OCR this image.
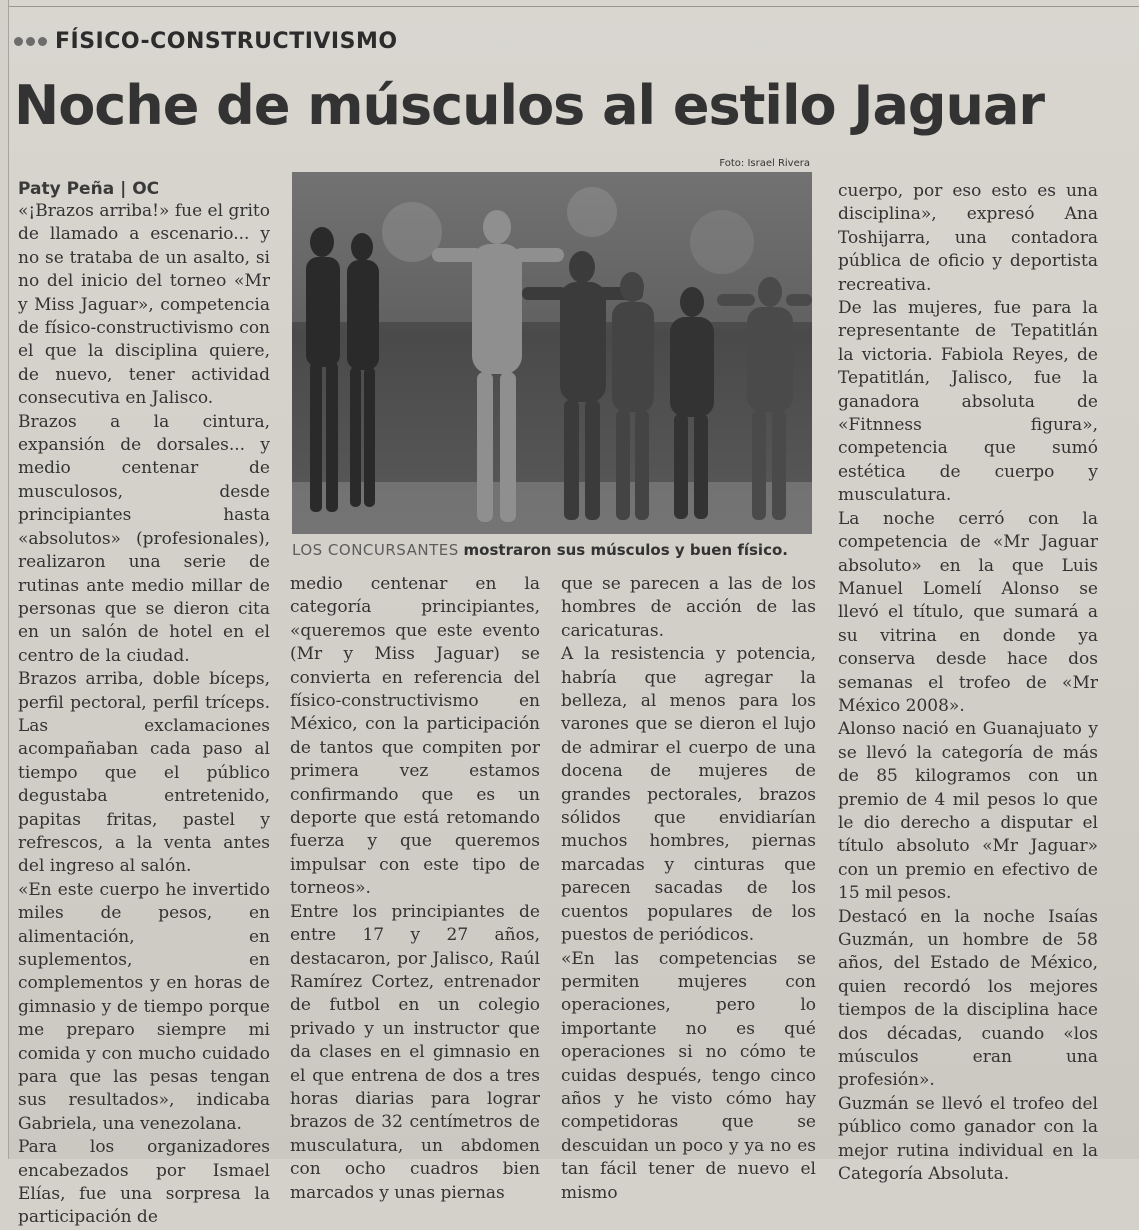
FÍSICO-CONSTRUCTIVISMO
Noche de músculos al estilo Jaguar
Foto: Israel Rivera
LOS CONCURSANTES mostraron sus músculos y buen físico.
Paty Peña | OC

«¡Brazos arriba!» fue el grito de llamado a escenario... y no se trataba de un asalto, si no del inicio del torneo «Mr y Miss Jaguar», competencia de físico-constructivismo con el que la disciplina quiere, de nuevo, tener actividad consecutiva en Jalisco.

Brazos a la cintura, expansión de dorsales... y medio centenar de musculosos, desde principiantes hasta «absolutos» (profesionales), realizaron una serie de rutinas ante medio millar de personas que se dieron cita en un salón de hotel en el centro de la ciudad.

Brazos arriba, doble bíceps, perfil pectoral, perfil tríceps. Las exclamaciones acompañaban cada paso al tiempo que el público degustaba entretenido, papitas fritas, pastel y refrescos, a la venta antes del ingreso al salón.

«En este cuerpo he invertido miles de pesos, en alimentación, en suplementos, en complementos y en horas de gimnasio y de tiempo porque me preparo siempre mi comida y con mucho cuidado para que las pesas tengan sus resultados», indicaba Gabriela, una venezolana.

Para los organizadores encabezados por Ismael Elías, fue una sorpresa la participación de

medio centenar en la categoría principiantes, «queremos que este evento (Mr y Miss Jaguar) se convierta en referencia del físico-constructivismo en México, con la participación de tantos que compiten por primera vez estamos confirmando que es un deporte que está retomando fuerza y que queremos impulsar con este tipo de torneos».

Entre los principiantes de entre 17 y 27 años, destacaron, por Jalisco, Raúl Ramírez Cortez, entrenador de futbol en un colegio privado y un instructor que da clases en el gimnasio en el que entrena de dos a tres horas diarias para lograr brazos de 32 centímetros de musculatura, un abdomen con ocho cuadros bien marcados y unas piernas

que se parecen a las de los hombres de acción de las caricaturas.

A la resistencia y potencia, habría que agregar la belleza, al menos para los varones que se dieron el lujo de admirar el cuerpo de una docena de mujeres de grandes pectorales, brazos sólidos que envidiarían muchos hombres, piernas marcadas y cinturas que parecen sacadas de los cuentos populares de los puestos de periódicos.

«En las competencias se permiten mujeres con operaciones, pero lo importante no es qué operaciones si no cómo te cuidas después, tengo cinco años y he visto cómo hay competidoras que se descuidan un poco y ya no es tan fácil tener de nuevo el mismo

cuerpo, por eso esto es una disciplina», expresó Ana Toshijarra, una contadora pública de oficio y deportista recreativa.

De las mujeres, fue para la representante de Tepatitlán la victoria. Fabiola Reyes, de Tepatitlán, Jalisco, fue la ganadora absoluta de «Fitnness figura», competencia que sumó estética de cuerpo y musculatura.

La noche cerró con la competencia de «Mr Jaguar absoluto» en la que Luis Manuel Lomelí Alonso se llevó el título, que sumará a su vitrina en donde ya conserva desde hace dos semanas el trofeo de «Mr México 2008».

Alonso nació en Guanajuato y se llevó la categoría de más de 85 kilogramos con un premio de 4 mil pesos lo que le dio derecho a disputar el título absoluto «Mr Jaguar» con un premio en efectivo de 15 mil pesos.

Destacó en la noche Isaías Guzmán, un hombre de 58 años, del Estado de México, quien recordó los mejores tiempos de la disciplina hace dos décadas, cuando «los músculos eran una profesión».

Guzmán se llevó el trofeo del público como ganador con la mejor rutina individual en la Categoría Absoluta.
